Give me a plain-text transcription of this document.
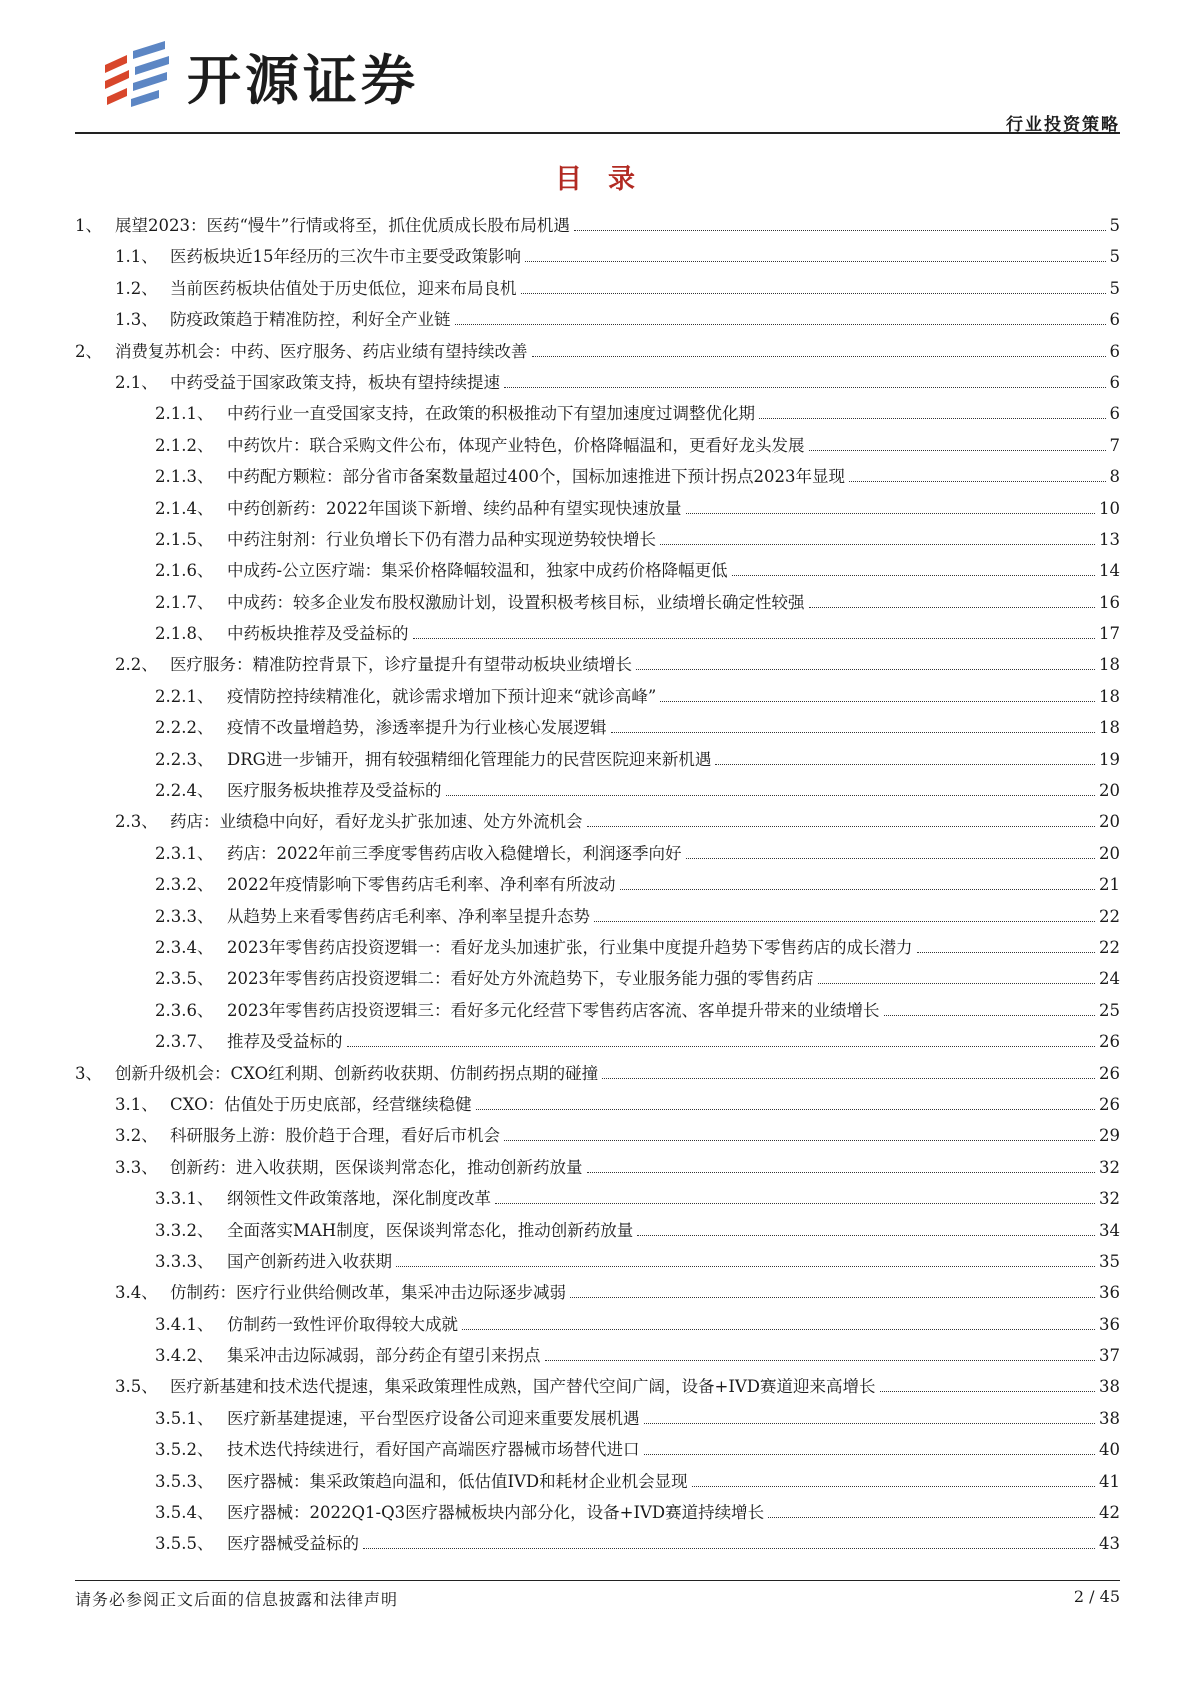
开源证券
行业投资策略
目录
1、 展望2023：医药“慢牛”行情或将至，抓住优质成长股布局机遇	5
1.1、 医药板块近15年经历的三次牛市主要受政策影响	5
1.2、 当前医药板块估值处于历史低位，迎来布局良机	5
1.3、 防疫政策趋于精准防控，利好全产业链	6
2、 消费复苏机会：中药、医疗服务、药店业绩有望持续改善	6
2.1、 中药受益于国家政策支持，板块有望持续提速	6
2.1.1、 中药行业一直受国家支持，在政策的积极推动下有望加速度过调整优化期	6
2.1.2、 中药饮片：联合采购文件公布，体现产业特色，价格降幅温和，更看好龙头发展	7
2.1.3、 中药配方颗粒：部分省市备案数量超过400个，国标加速推进下预计拐点2023年显现	8
2.1.4、 中药创新药：2022年国谈下新增、续约品种有望实现快速放量	10
2.1.5、 中药注射剂：行业负增长下仍有潜力品种实现逆势较快增长	13
2.1.6、 中成药-公立医疗端：集采价格降幅较温和，独家中成药价格降幅更低	14
2.1.7、 中成药：较多企业发布股权激励计划，设置积极考核目标，业绩增长确定性较强	16
2.1.8、 中药板块推荐及受益标的	17
2.2、 医疗服务：精准防控背景下，诊疗量提升有望带动板块业绩增长	18
2.2.1、 疫情防控持续精准化，就诊需求增加下预计迎来“就诊高峰”	18
2.2.2、 疫情不改量增趋势，渗透率提升为行业核心发展逻辑	18
2.2.3、 DRG进一步铺开，拥有较强精细化管理能力的民营医院迎来新机遇	19
2.2.4、 医疗服务板块推荐及受益标的	20
2.3、 药店：业绩稳中向好，看好龙头扩张加速、处方外流机会	20
2.3.1、 药店：2022年前三季度零售药店收入稳健增长，利润逐季向好	20
2.3.2、 2022年疫情影响下零售药店毛利率、净利率有所波动	21
2.3.3、 从趋势上来看零售药店毛利率、净利率呈提升态势	22
2.3.4、 2023年零售药店投资逻辑一：看好龙头加速扩张，行业集中度提升趋势下零售药店的成长潜力	22
2.3.5、 2023年零售药店投资逻辑二：看好处方外流趋势下，专业服务能力强的零售药店	24
2.3.6、 2023年零售药店投资逻辑三：看好多元化经营下零售药店客流、客单提升带来的业绩增长	25
2.3.7、 推荐及受益标的	26
3、 创新升级机会：CXO红利期、创新药收获期、仿制药拐点期的碰撞	26
3.1、 CXO：估值处于历史底部，经营继续稳健	26
3.2、 科研服务上游：股价趋于合理，看好后市机会	29
3.3、 创新药：进入收获期，医保谈判常态化，推动创新药放量	32
3.3.1、 纲领性文件政策落地，深化制度改革	32
3.3.2、 全面落实MAH制度，医保谈判常态化，推动创新药放量	34
3.3.3、 国产创新药进入收获期	35
3.4、 仿制药：医疗行业供给侧改革，集采冲击边际逐步减弱	36
3.4.1、 仿制药一致性评价取得较大成就	36
3.4.2、 集采冲击边际减弱，部分药企有望引来拐点	37
3.5、 医疗新基建和技术迭代提速，集采政策理性成熟，国产替代空间广阔，设备+IVD赛道迎来高增长	38
3.5.1、 医疗新基建提速，平台型医疗设备公司迎来重要发展机遇	38
3.5.2、 技术迭代持续进行，看好国产高端医疗器械市场替代进口	40
3.5.3、 医疗器械：集采政策趋向温和，低估值IVD和耗材企业机会显现	41
3.5.4、 医疗器械：2022Q1-Q3医疗器械板块内部分化，设备+IVD赛道持续增长	42
3.5.5、 医疗器械受益标的	43
请务必参阅正文后面的信息披露和法律声明	2 / 45
